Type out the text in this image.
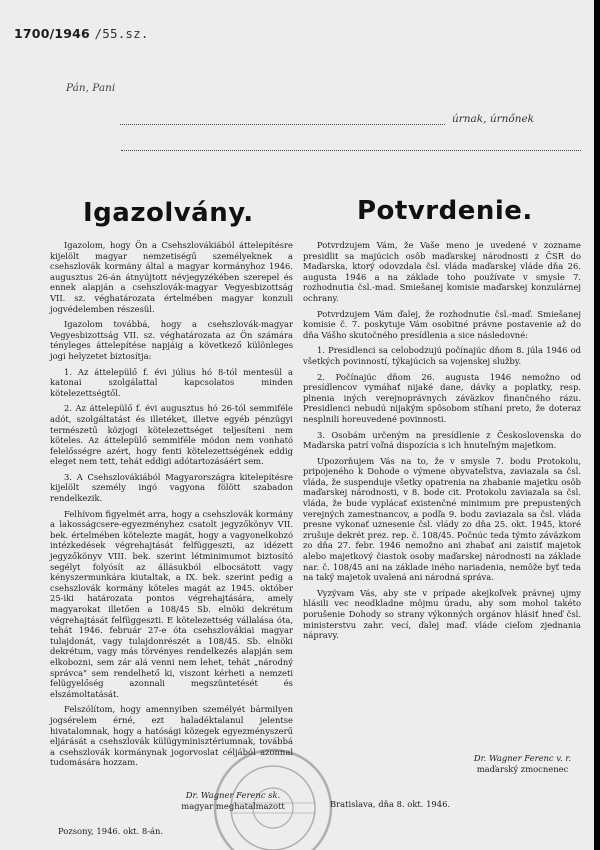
1700/1946 /55.sz.
Pán, Pani
úrnak, úrnőnek
Igazolvány.	Potvrdenie.

Igazolom, hogy Ön a Csehszlovákiából áttelepítésre kijelölt magyar nemzetiségű személyeknek a csehszlovák kormány által a magyar kormányhoz 1946. augusztus 26-án átnyújtott névjegyzékében szerepel és ennek alapján a csehszlovák-magyar Vegyesbizottság VII. sz. véghatározata értelmében magyar konzuli jogvédelemben részesül.

Igazolom továbbá, hogy a csehszlovák-magyar Vegyesbizottság VII. sz. véghatározata az Ön számára tényleges áttelepítése napjáig a következő különleges jogi helyzetet biztosítja:

1. Az áttelepülő f. évi július hó 8-tól mentesül a katonai szolgálattal kapcsolatos minden kötelezettségtől.

2. Az áttelepülő f. évi augusztus hó 26-tól semmiféle adót, szolgáltatást és illetéket, illetve egyéb pénzügyi természetű közjogi kötelezettséget teljesíteni nem köteles. Az áttelepülő semmiféle módon nem vonható felelősségre azért, hogy fenti kötelezettségének eddig eleget nem tett, tehát eddigi adótartozásáért sem.

3. A Csehszlovákiából Magyarországra kitelepítésre kijelölt személy ingó vagyona fölött szabadon rendelkezik.

Felhívom figyelmét arra, hogy a csehszlovák kormány a lakosságcsere-egyezményhez csatolt jegyzőkönyv VII. bek. értelmében kötelezte magát, hogy a vagyonelkobzó intézkedések végrehajtását felfüggeszti, az idézett jegyzőkönyv VIII. bek. szerint létminimumot biztosító segélyt folyósít az állásukból elbocsátott vagy kényszermunkára kiutaltak, a IX. bek. szerint pedig a csehszlovák kormány köteles magát az 1945. október 25-iki határozata pontos végrehajtására, amely magyarokat illetően a 108/45 Sb. elnöki dekrétum végrehajtását felfüggeszti. E kötelezettség vállalása óta, tehát 1946. február 27-e óta csehszlovákiai magyar tulajdonát, vagy tulajdonrészét a 108/45. Sb. elnöki dekrétum, vagy más törvényes rendelkezés alapján sem elkobozni, sem zár alá venni nem lehet, tehát „národný správca" sem rendelhető ki, viszont kérheti a nemzeti felügyelőség azonnali megszüntetését és elszámoltatását.

Felszólítom, hogy amennyiben személyét bármilyen jogsérelem érné, ezt haladéktalanul jelentse hivatalomnak, hogy a hatósági közegek egyezményszerű eljárását a csehszlovák külügyminisztériumnak, továbbá a csehszlovák kormánynak jogorvoslat céljából azonnal tudomására hozzam.

Potvrdzujem Vám, že Vaše meno je uvedené v zozname presidlit sa majúcich osôb maďarskej národnosti z ČSR do Maďarska, ktorý odovzdala čsl. vláda maďarskej vláde dňa 26. augusta 1946 a na základe toho používate v smysle 7. rozhodnutia čsl.-mad. Smiešanej komisie maďarskej konzulárnej ochrany.

Potvrdzujem Vám ďalej, že rozhodnutie čsl.-maď. Smiešanej komisie č. 7. poskytuje Vám osobitné právne postavenie až do dňa Vášho skutočného presídlenia a sice následovné:

1. Presidlenci sa celobodzujú počínajúc dňom 8. júla 1946 od všetkých povinností, týkajúcich sa vojenskej služby.

2. Počínajúc dňom 26. augusta 1946 nemožno od presídlencov vymáhať nijaké dane, dávky a poplatky, resp. plnenia iných verejnoprávnych záväzkov finančného rázu. Presidlenci nebudú nijakým spôsobom stíhaní preto, že doteraz nesplnili horeuvedené povinnosti.

3. Osobám určeným na presídlenie z Československa do Maďarska patrí voľná dispozícia s ich hnuteľným majetkom.

Upozorňujem Vás na to, že v smysle 7. bodu Protokolu, pripojeného k Dohode o výmene obyvateľstva, zaviazala sa čsl. vláda, že suspenduje všetky opatrenia na zhabanie majetku osôb maďarskej národnosti, v 8. bode cit. Protokolu zaviazala sa čsl. vláda, že bude vyplácať existenčné minimum pre prepustených verejných zamestnancov, a podľa 9. bodu zaviazala sa čsl. vláda presne vykonať uznesenie čsl. vlády zo dňa 25. okt. 1945, ktoré zrušuje dekrét prez. rep. č. 108/45. Počnúc teda týmto záväzkom zo dňa 27. febr. 1946 nemožno ani zhabať ani zaistiť majetok alebo majetkový čiastok osoby maďarskej národnosti na základe nar. č. 108/45 ani na základe iného nariadenia, nemôže byť teda na taký majetok uvalená ani národná správa.

Vyzývam Vás, aby ste v prípade akejkoľvek právnej ujmy hlásili vec neodkladne môjmu úradu, aby som mohol takéto porušenie Dohody so strany výkonných orgánov hlásiť hneď čsl. ministerstvu zahr. vecí, ďalej maď. vláde cieľom zjednania nápravy.

Dr. Wagner Ferenc sk.
magyar meghatalmazott
Dr. Wagner Ferenc v. r.
maďarský zmocnenec
Pozsony, 1946. okt. 8-án.
Bratislava, dňa 8. okt. 1946.
